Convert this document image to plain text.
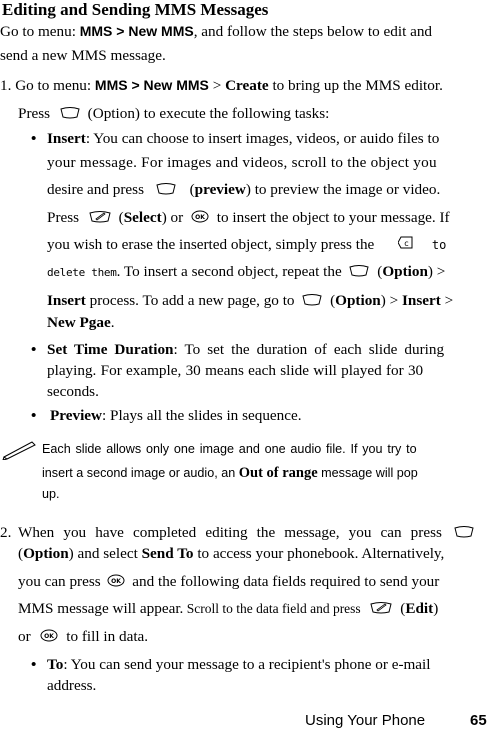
Editing and Sending MMS Messages
Go to menu: MMS > New MMS, and follow the steps below to edit and
send a new MMS message.
1. Go to menu: MMS > New MMS > Create to bring up the MMS editor.
Press (Option) to execute the following tasks:
• Insert: You can choose to insert images, videos, or auido files to
your message. For images and videos, scroll to the object you
desire and press	(preview) to preview the image or video.
Press	(Select) or OK to insert the object to your message. If
you wish to erase the inserted object, simply press the	c to
delete them. To insert a second object, repeat the (Option) >
Insert process. To add a new page, go to (Option) > Insert >
New Pgae.
• Set Time Duration: To set the duration of each slide during
playing. For example, 30 means each slide will played for 30
seconds.
• Preview: Plays all the slides in sequence.
Each slide allows only one image and one audio file. If you try to
insert a second image or audio, an Out of range message will pop
up.
2. When you have completed editing the message, you can press
(Option) and select Send To to access your phonebook. Alternatively,
you can press OK and the following data fields required to send your
MMS message will appear. Scroll to the data field and press	(Edit)
or OK to fill in data.
• To: You can send your message to a recipient's phone or e-mail
address.
Using Your Phone	65
